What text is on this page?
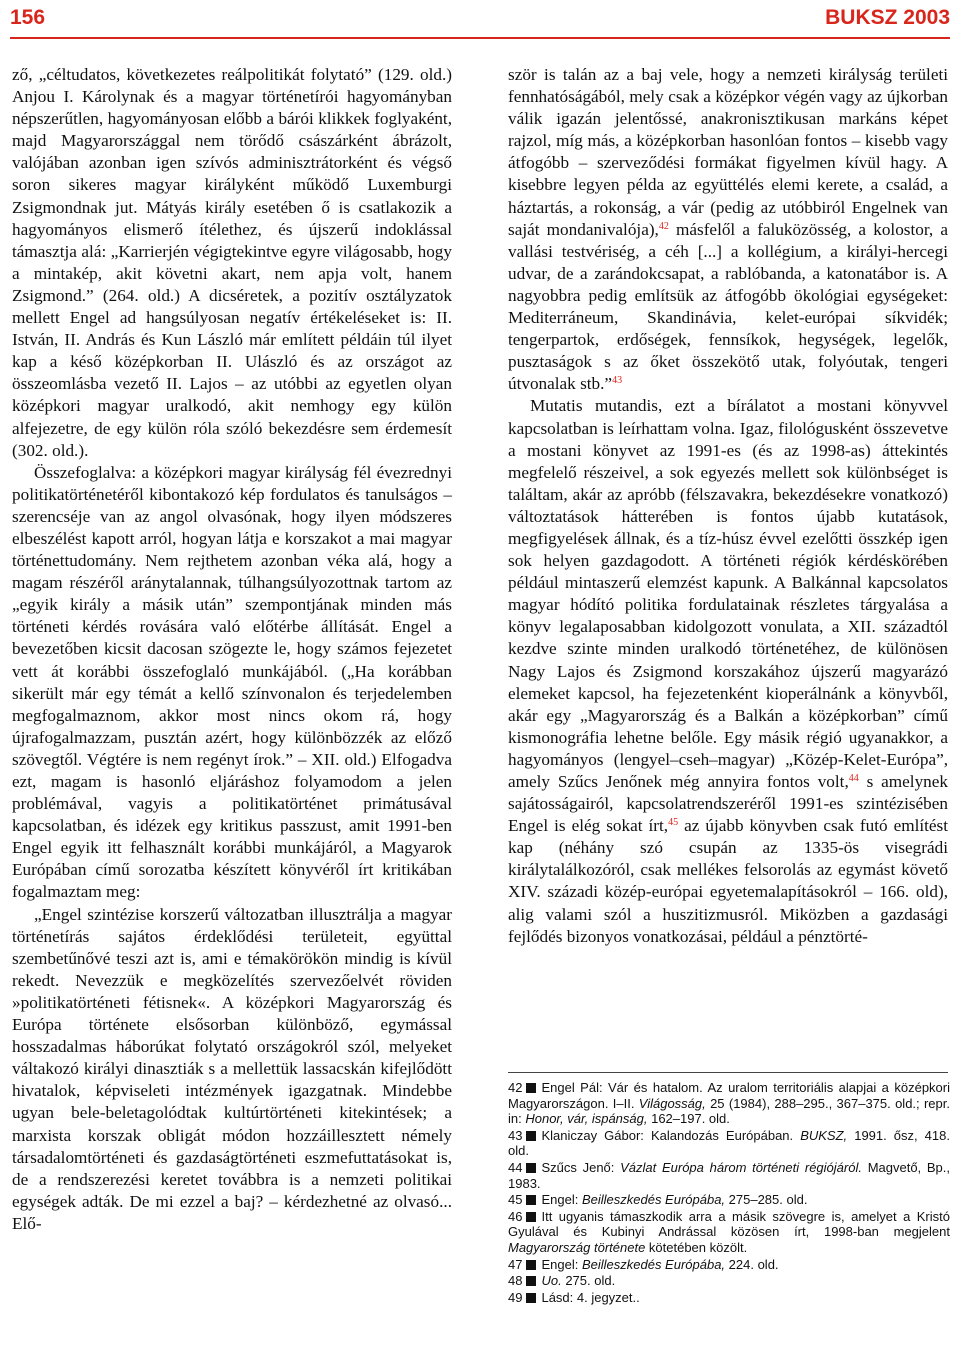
156	BUKSZ 2003

ző, „céltudatos, következetes reálpolitikát folytató” (129. old.) Anjou I. Károlynak és a magyar történetírói hagyományban népszerűtlen, hagyományosan előbb a bárói klikkek foglyaként, majd Magyarországgal nem törődő császárként ábrázolt, valójában azonban igen szívós adminisztrátorként és végső soron sikeres magyar királyként működő Luxemburgi Zsigmondnak jut. Mátyás király esetében ő is csatlakozik a hagyományos elismerő ítélethez, és újszerű indoklással támasztja alá: „Karrierjén végigtekintve egyre világosabb, hogy a mintakép, akit követni akart, nem apja volt, hanem Zsigmond.” (264. old.) A dicséretek, a pozitív osztályzatok mellett Engel ad hangsúlyosan negatív értékeléseket is: II. István, II. András és Kun László már említett példáin túl ilyet kap a késő középkorban II. Ulászló és az országot az összeomlásba vezető II. Lajos – az utóbbi az egyetlen olyan középkori magyar uralkodó, akit nemhogy egy külön alfejezetre, de egy külön róla szóló bekezdésre sem érdemesít (302. old.).

Összefoglalva: a középkori magyar királyság fél évezrednyi politikatörténetéről kibontakozó kép fordulatos és tanulságos – szerencséje van az angol olvasónak, hogy ilyen módszeres elbeszélést kapott arról, hogyan látja e korszakot a mai magyar történettudomány. Nem rejthetem azonban véka alá, hogy a magam részéről aránytalannak, túlhangsúlyozottnak tartom az „egyik király a másik után” szempontjának minden más történeti kérdés rovására való előtérbe állítását. Engel a bevezetőben kicsit dacosan szögezte le, hogy számos fejezetet vett át korábbi összefoglaló munkájából. („Ha korábban sikerült már egy témát a kellő színvonalon és terjedelemben megfogalmaznom, akkor most nincs okom rá, hogy újrafogalmazzam, pusztán azért, hogy különbözzék az előző szövegtől. Végtére is nem regényt írok.” – XII. old.) Elfogadva ezt, magam is hasonló eljáráshoz folyamodom a jelen problémával, vagyis a politikatörténet primátusával kapcsolatban, és idézek egy kritikus passzust, amit 1991-ben Engel egyik itt felhasznált korábbi munkájáról, a Magyarok Európában című sorozatba készített könyvéről írt kritikában fogalmaztam meg:

„Engel szintézise korszerű változatban illusztrálja a magyar történetírás sajátos érdeklődési területeit, együttal szembetűnővé teszi azt is, ami e témakörökön mindig is kívül rekedt. Nevezzük e megközelítés szervezőelvét röviden »politikatörténeti fétisnek«. A középkori Magyarország és Európa története elsősorban különböző, egymással hosszadalmas háborúkat folytató országokról szól, melyeket váltakozó királyi dinasztiák s a mellettük lassacskán kifejlődött hivatalok, képviseleti intézmények igazgatnak. Mindebbe ugyan bele-beletagolódtak kultúrtörténeti kitekintések; a marxista korszak obligát módon hozzáillesztett némely társadalomtörténeti és gazdaságtörténeti eszmefuttatásokat is, de a rendszerezési keretet továbbra is a nemzeti politikai egységek adták. De mi ezzel a baj? – kérdezhetné az olvasó... Elő-

ször is talán az a baj vele, hogy a nemzeti királyság területi fennhatóságából, mely csak a középkor végén vagy az újkorban válik igazán jelentőssé, anakronisztikusan markáns képet rajzol, míg más, a középkorban hasonlóan fontos – kisebb vagy átfogóbb – szerveződési formákat figyelmen kívül hagy. A kisebbre legyen példa az együttélés elemi kerete, a család, a háztartás, a rokonság, a vár (pedig az utóbbiról Engelnek van saját mondanivalója),$^{42}$ másfelől a faluközösség, a kolostor, a vallási testvériség, a céh [...] a kollégium, a királyi-hercegi udvar, de a zarándokcsapat, a rablóbanda, a katonatábor is. A nagyobbra pedig említsük az átfogóbb ökológiai egységeket: Mediterráneum, Skandinávia, kelet-európai síkvidék; tengerpartok, erdőségek, fennsíkok, hegységek, legelők, pusztaságok s az őket összekötő utak, folyóutak, tengeri útvonalak stb.”$^{43}$

Mutatis mutandis, ezt a bírálatot a mostani könyvvel kapcsolatban is leírhattam volna. Igaz, filológusként összevetve a mostani könyvet az 1991-es (és az 1998-as) áttekintés megfelelő részeivel, a sok egyezés mellett sok különbséget is találtam, akár az apróbb (félszavakra, bekezdésekre vonatkozó) változtatások hátterében is fontos újabb kutatások, megfigyelések állnak, és a tíz-húsz évvel ezelőtti összkép igen sok helyen gazdagodott. A történeti régiók kérdéskörében például mintaszerű elemzést kapunk. A Balkánnal kapcsolatos magyar hódító politika fordulatainak részletes tárgyalása a könyv legalaposabban kidolgozott vonulata, a XII. századtól kezdve szinte minden uralkodó történetéhez, de különösen Nagy Lajos és Zsigmond korszakához újszerű magyarázó elemeket kapcsol, ha fejezetenként kioperálnánk a könyvből, akár egy „Magyarország és a Balkán a középkorban” című kismonográfia lehetne belőle. Egy másik régió ugyanakkor, a hagyományos (lengyel–cseh–magyar) „Közép-Kelet-Európa”, amely Szűcs Jenőnek még annyira fontos volt,$^{44}$ s amelynek sajátosságairól, kapcsolatrendszeréről 1991-es szintézisében Engel is elég sokat írt,$^{45}$ az újabb könyvben csak futó említést kap (néhány szó csupán az 1335-ös visegrádi királytalálkozóról, csak mellékes felsorolás az egymást követő XIV. századi közép-európai egyetemalapításokról – 166. old), alig valami szól a huszitizmusról. Miközben a gazdasági fejlődés bizonyos vonatkozásai, például a pénztörté-

42 Engel Pál: Vár és hatalom. Az uralom territoriális alapjai a középkori Magyarországon. I–II. Világosság, 25 (1984), 288–295., 367–375. old.; repr. in: Honor, vár, ispánság, 162–197. old.
43 Klaniczay Gábor: Kalandozás Európában. BUKSZ, 1991. ősz, 418. old.
44 Szűcs Jenő: Vázlat Európa három történeti régiójáról. Magvető, Bp., 1983.
45 Engel: Beilleszkedés Európába, 275–285. old.
46 Itt ugyanis támaszkodik arra a másik szövegre is, amelyet a Kristó Gyulával és Kubinyi Andrással közösen írt, 1998-ban megjelent Magyarország története kötetében közölt.
47 Engel: Beilleszkedés Európába, 224. old.
48 Uo. 275. old.
49 Lásd: 4. jegyzet..
